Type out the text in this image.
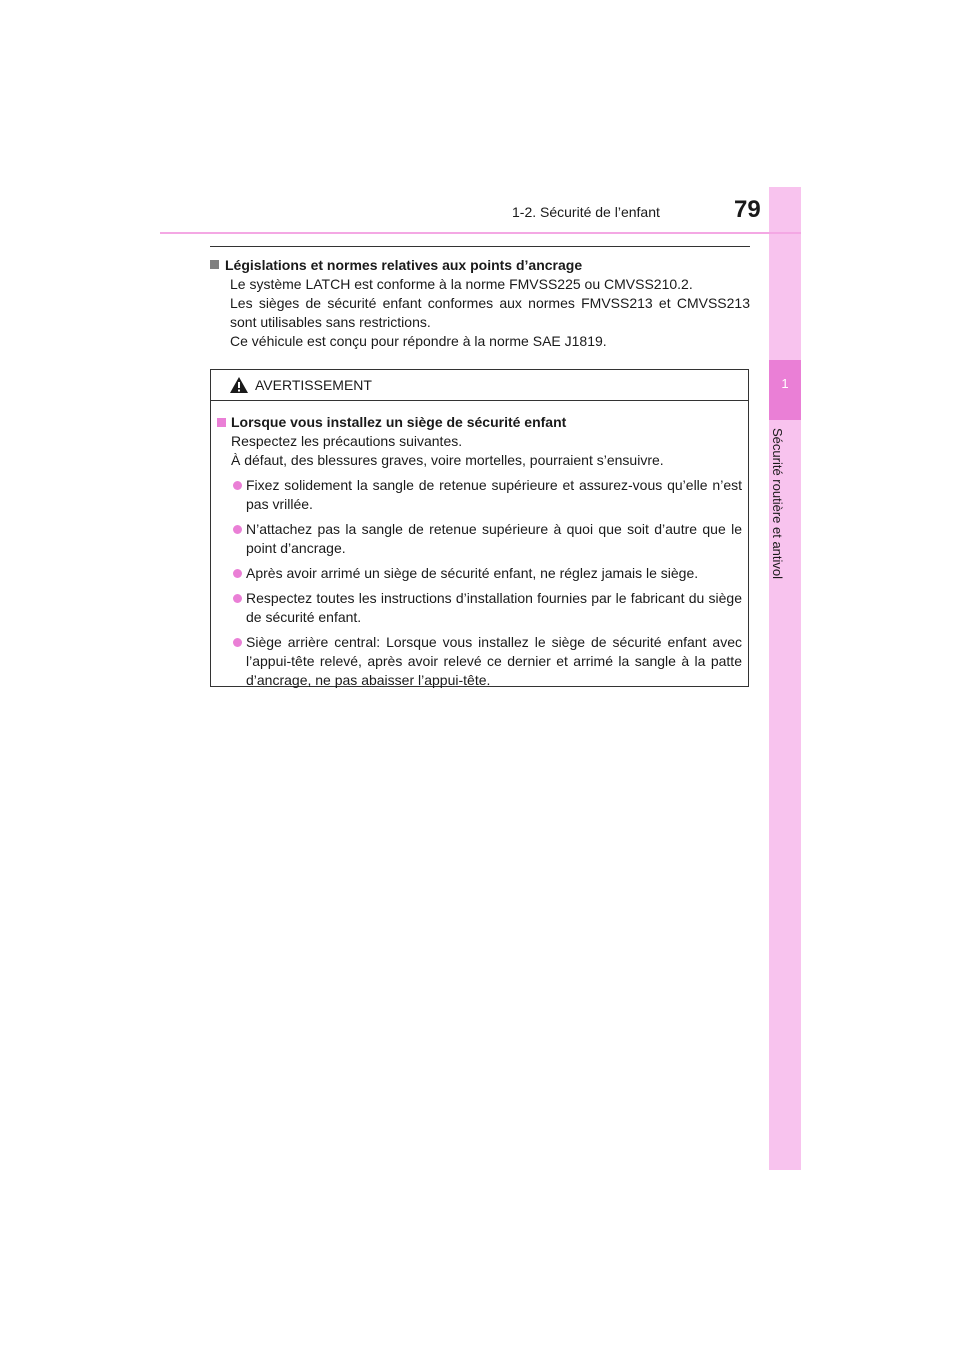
1
Sécurité routière et antivol
1-2. Sécurité de l’enfant	79
Législations et normes relatives aux points d’ancrage
Le système LATCH est conforme à la norme FMVSS225 ou CMVSS210.2.
Les sièges de sécurité enfant conformes aux normes FMVSS213 et CMVSS213 sont utilisables sans restrictions.
Ce véhicule est conçu pour répondre à la norme SAE J1819.
AVERTISSEMENT
Lorsque vous installez un siège de sécurité enfant
Respectez les précautions suivantes.
À défaut, des blessures graves, voire mortelles, pourraient s’ensuivre.
Fixez solidement la sangle de retenue supérieure et assurez-vous qu’elle n’est pas vrillée.
N’attachez pas la sangle de retenue supérieure à quoi que soit d’autre que le point d’ancrage.
Après avoir arrimé un siège de sécurité enfant, ne réglez jamais le siège.
Respectez toutes les instructions d’installation fournies par le fabricant du siège de sécurité enfant.
Siège arrière central: Lorsque vous installez le siège de sécurité enfant avec l’appui-tête relevé, après avoir relevé ce dernier et arrimé la sangle à la patte d’ancrage, ne pas abaisser l’appui-tête.
